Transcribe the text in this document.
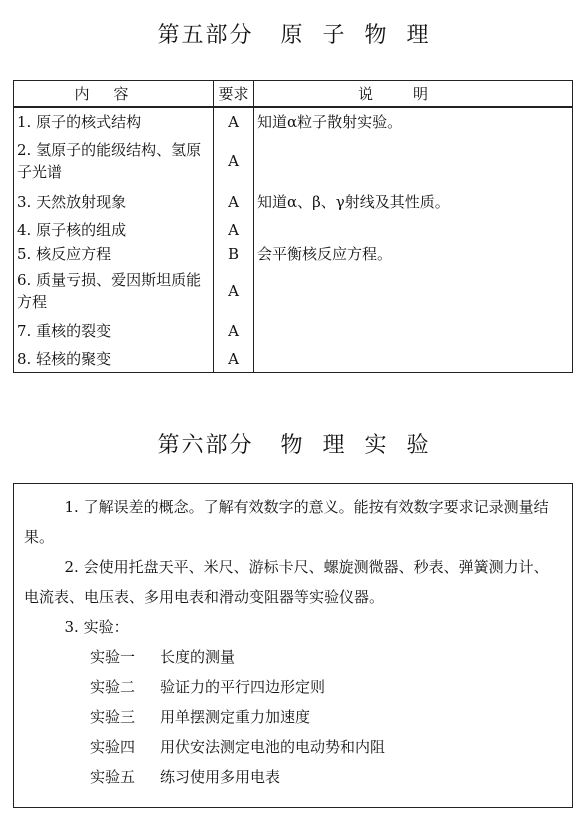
第五部分   原  子  物  理
内容	要求	说明
1. 原子的核式结构	A	知道α粒子散射实验。
2. 氢原子的能级结构、氢原子光谱	A	
3. 天然放射现象	A	知道α、β、γ射线及其性质。
4. 原子核的组成	A	
5. 核反应方程	B	会平衡核反应方程。
6. 质量亏损、爱因斯坦质能方程	A	
7. 重核的裂变	A	
8. 轻核的聚变	A	
第六部分   物  理  实  验
1. 了解误差的概念。了解有效数字的意义。能按有效数字要求记录测量结果。
2. 会使用托盘天平、米尺、游标卡尺、螺旋测微器、秒表、弹簧测力计、电流表、电压表、多用电表和滑动变阻器等实验仪器。
3. 实验：
实验一 长度的测量
实验二 验证力的平行四边形定则
实验三 用单摆测定重力加速度
实验四 用伏安法测定电池的电动势和内阻
实验五 练习使用多用电表
